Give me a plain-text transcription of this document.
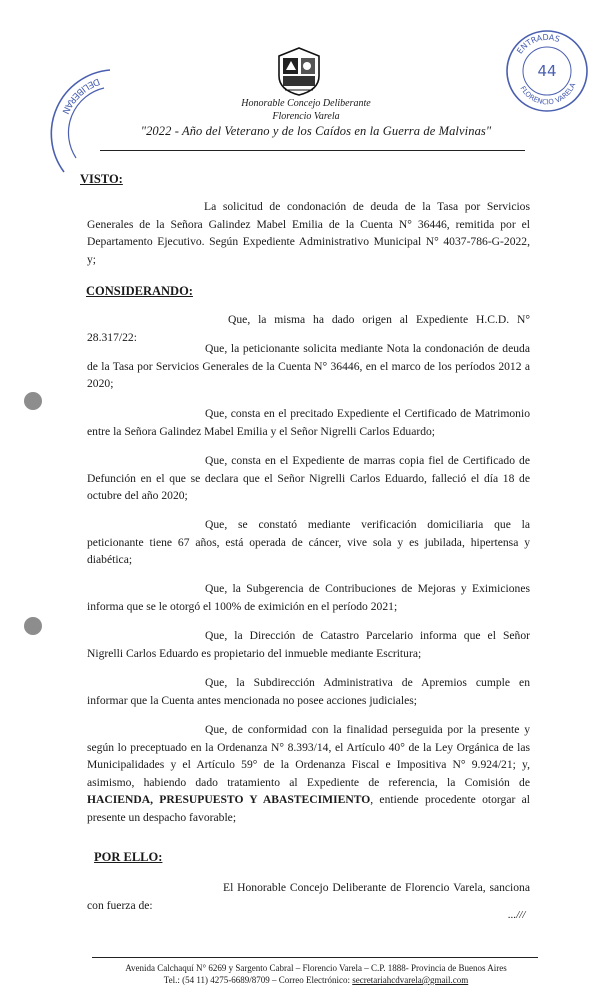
Honorable Concejo Deliberante
Florencio Varela
"2022 - Año del Veterano y de los Caídos en la Guerra de Malvinas"
DELIBERAN
ENTRADAS
FLORENCIO VARELA
44
VISTO:
La solicitud de condonación de deuda de la Tasa por Servicios Generales de la Señora Galindez Mabel Emilia de la Cuenta N° 36446, remitida por el Departamento Ejecutivo. Según Expediente Administrativo Municipal N° 4037-786-G-2022, y;
CONSIDERANDO:
Que, la misma ha dado origen al Expediente H.C.D. N° 28.317/22:
Que, la peticionante solicita mediante Nota la condonación de deuda de la Tasa por Servicios Generales de la Cuenta N° 36446, en el marco de los períodos 2012 a 2020;
Que, consta en el precitado Expediente el Certificado de Matrimonio entre la Señora Galindez Mabel Emilia y el Señor Nigrelli Carlos Eduardo;
Que, consta en el Expediente de marras copia fiel de Certificado de Defunción en el que se declara que el Señor Nigrelli Carlos Eduardo, falleció el día 18 de octubre del año 2020;
Que, se constató mediante verificación domiciliaria que la peticionante tiene 67 años, está operada de cáncer, vive sola y es jubilada, hipertensa y diabética;
Que, la Subgerencia de Contribuciones de Mejoras y Eximiciones informa que se le otorgó el 100% de eximición en el período 2021;
Que, la Dirección de Catastro Parcelario informa que el Señor Nigrelli Carlos Eduardo es propietario del inmueble mediante Escritura;
Que, la Subdirección Administrativa de Apremios cumple en informar que la Cuenta antes mencionada no posee acciones judiciales;
Que, de conformidad con la finalidad perseguida por la presente y según lo preceptuado en la Ordenanza N° 8.393/14, el Artículo 40° de la Ley Orgánica de las Municipalidades y el Artículo 59° de la Ordenanza Fiscal e Impositiva N° 9.924/21; y, asimismo, habiendo dado tratamiento al Expediente de referencia, la Comisión de HACIENDA, PRESUPUESTO Y ABASTECIMIENTO, entiende procedente otorgar al presente un despacho favorable;
POR ELLO:
El Honorable Concejo Deliberante de Florencio Varela, sanciona con fuerza de:
...///
Avenida Calchaquí N° 6269 y Sargento Cabral – Florencio Varela – C.P. 1888- Provincia de Buenos Aires
Tel.: (54 11) 4275-6689/8709 – Correo Electrónico: secretariahcdvarela@gmail.com
